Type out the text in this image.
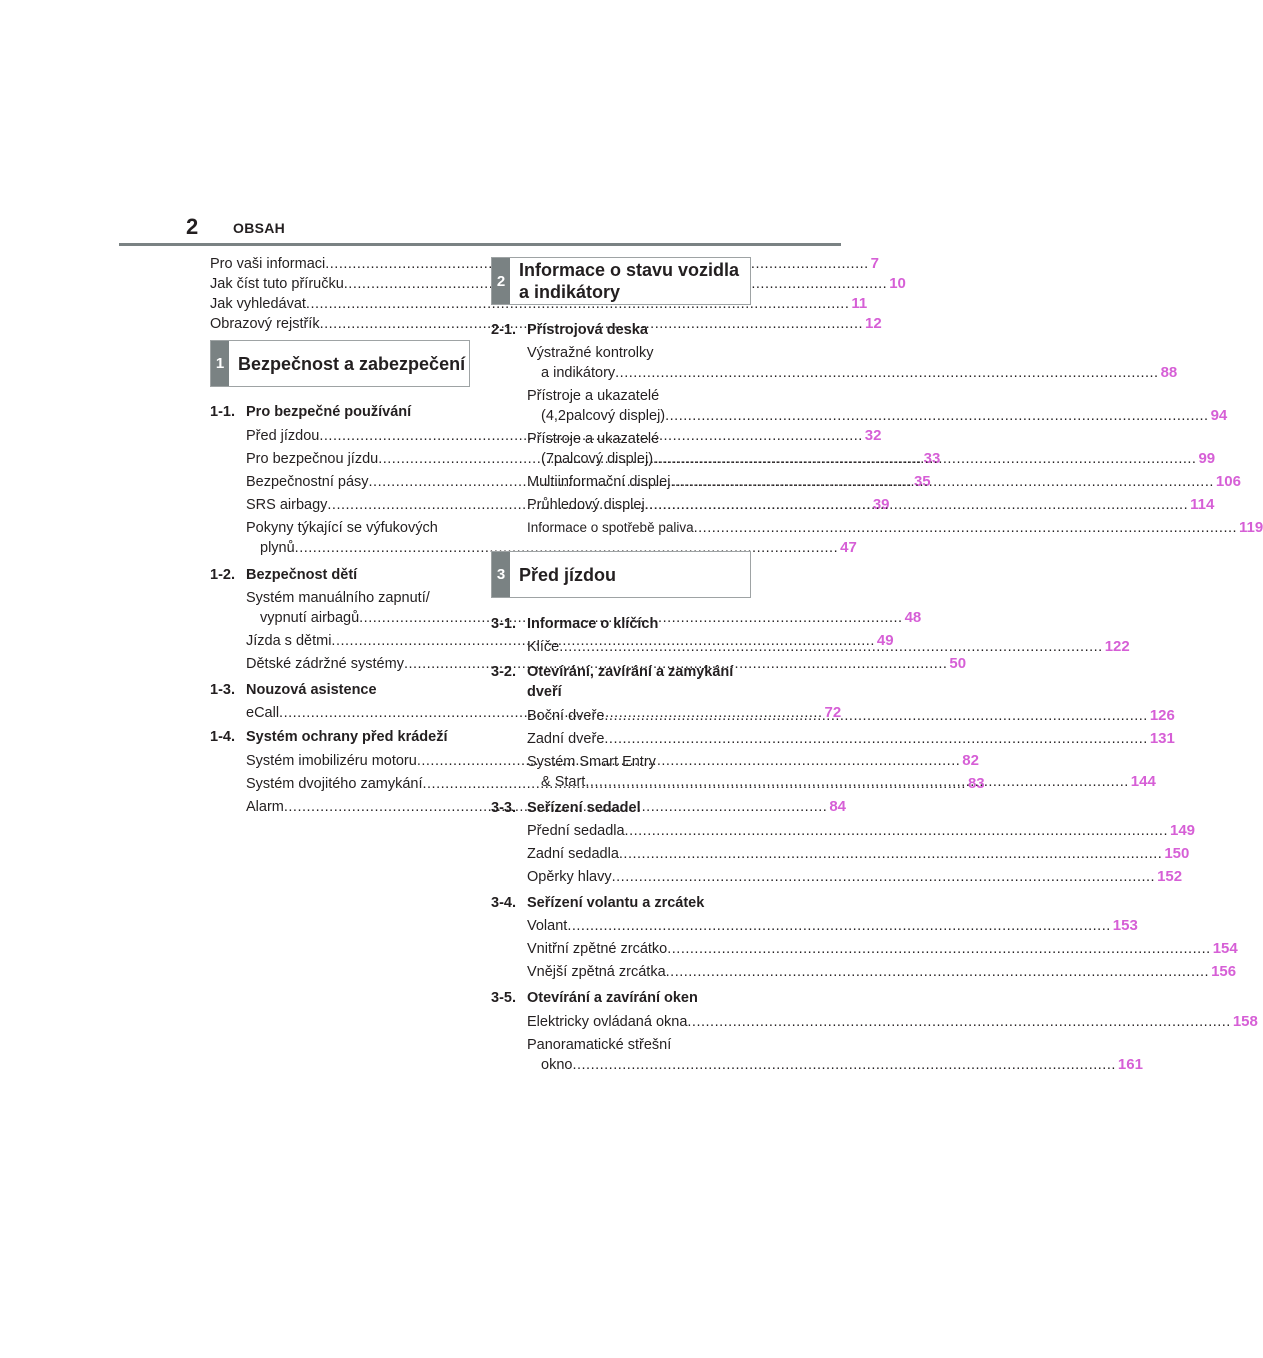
2 OBSAH
Pro vaši informaci .....	7
Jak číst tuto příručku .....	10
Jak vyhledávat .....	11
Obrazový rejstřík .....	12
1 Bezpečnost a zabezpečení
1-1. Pro bezpečné používání
Před jízdou .....	32
Pro bezpečnou jízdu .....	33
Bezpečnostní pásy .....	35
SRS airbagy .....	39
Pokyny týkající se výfukových
plynů .....	47
1-2. Bezpečnost dětí
Systém manuálního zapnutí/
vypnutí airbagů .....	48
Jízda s dětmi .....	49
Dětské zádržné systémy .....	50
1-3. Nouzová asistence
eCall .....	72
1-4. Systém ochrany před krádeží
Systém imobilizéru motoru .....	82
Systém dvojitého zamykání .....	83
Alarm .....	84
2
Informace o stavu vozidla
a indikátory
2-1. Přístrojová deska
Výstražné kontrolky
a indikátory .....	88
Přístroje a ukazatelé
(4,2palcový displej) .....	94
Přístroje a ukazatelé
(7palcový displej) .....	99
Multiinformační displej .....	106
Průhledový displej .....	114
Informace o spotřebě paliva .....	119
3 Před jízdou
3-1. Informace o klíčích
Klíče .....	122
3-2. Otevírání, zavírání a zamykání
dveří
Boční dveře .....	126
Zadní dveře .....	131
Systém Smart Entry
& Start .....	144
3-3. Seřízení sedadel
Přední sedadla .....	149
Zadní sedadla .....	150
Opěrky hlavy .....	152
3-4. Seřízení volantu a zrcátek
Volant .....	153
Vnitřní zpětné zrcátko .....	154
Vnější zpětná zrcátka .....	156
3-5. Otevírání a zavírání oken
Elektricky ovládaná okna .....	158
Panoramatické střešní
okno .....	161
